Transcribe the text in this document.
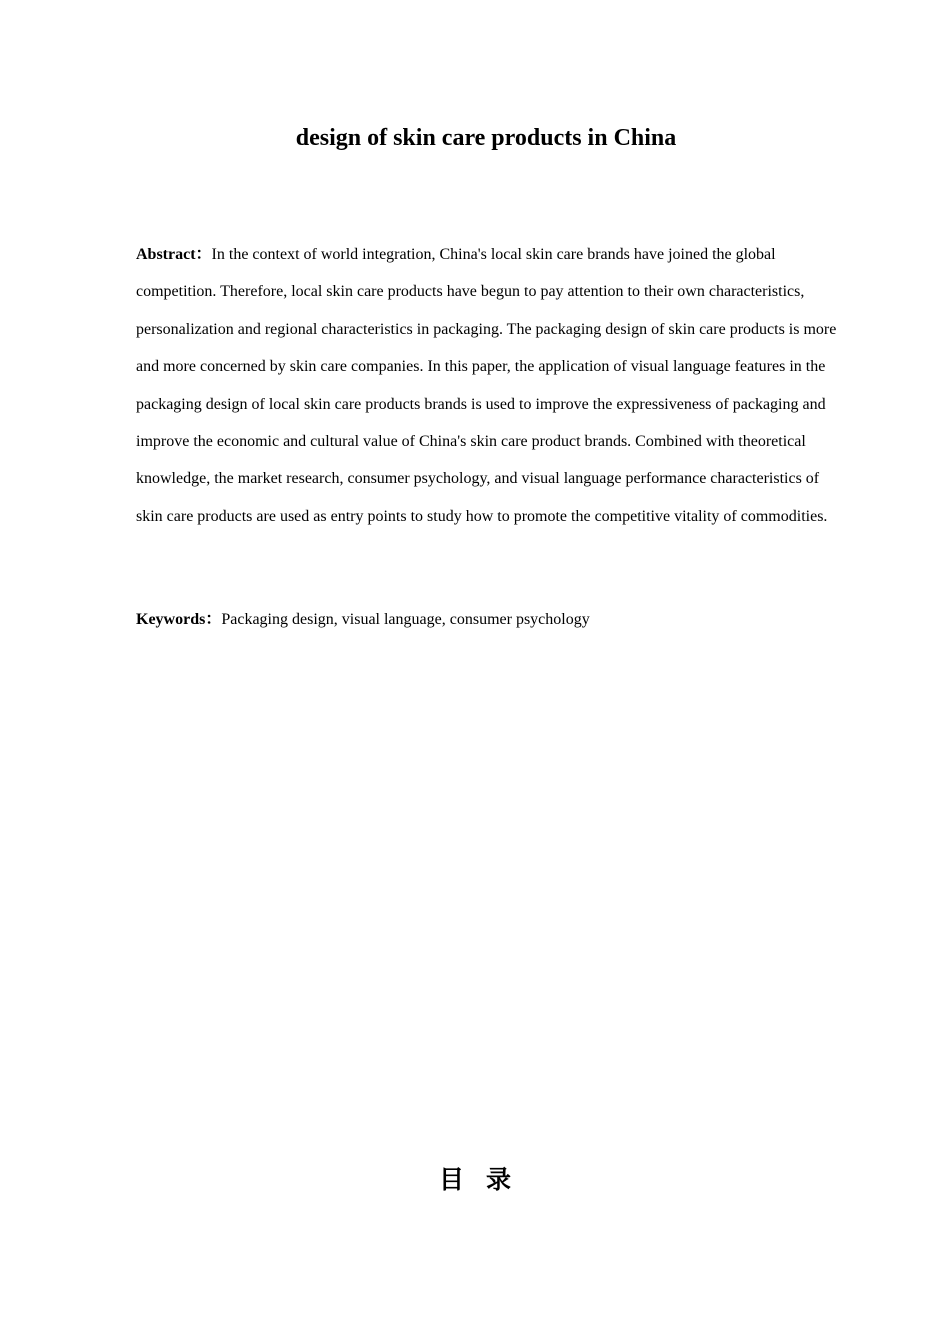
design of skin care products in China

Abstract：In the context of world integration, China's local skin care brands have joined the global competition. Therefore, local skin care products have begun to pay attention to their own characteristics, personalization and regional characteristics in packaging. The packaging design of skin care products is more and more concerned by skin care companies. In this paper, the application of visual language features in the packaging design of local skin care products brands is used to improve the expressiveness of packaging and improve the economic and cultural value of China's skin care product brands. Combined with theoretical knowledge, the market research, consumer psychology, and visual language performance characteristics of skin care products are used as entry points to study how to promote the competitive vitality of commodities.

Keywords：Packaging design, visual language, consumer psychology

目录
